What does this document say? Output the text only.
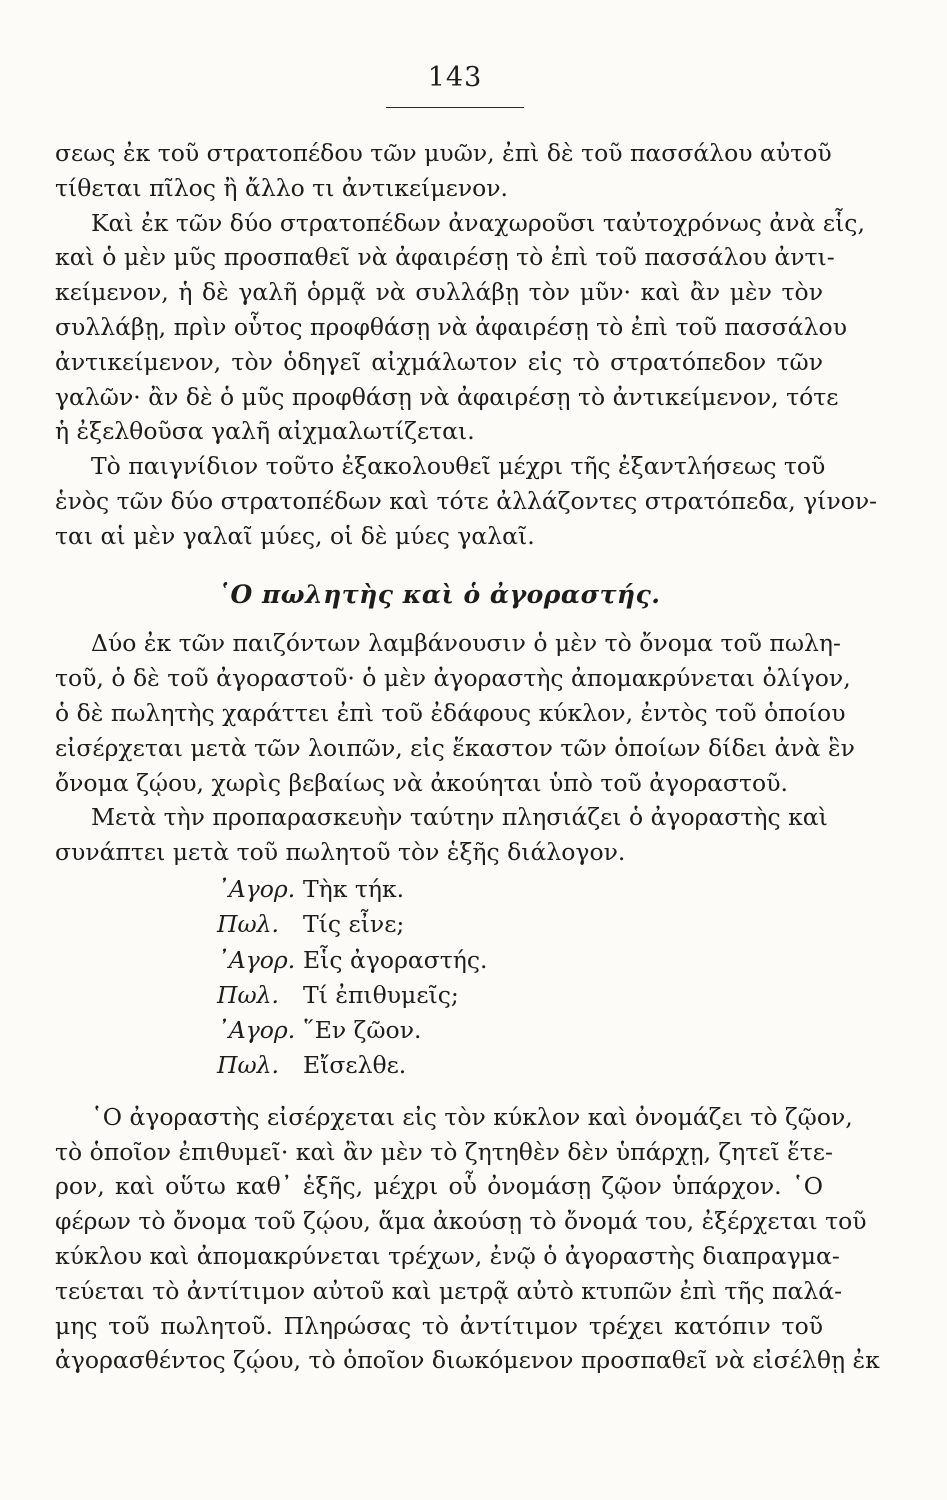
143
σεως ἐκ τοῦ στρατοπέδου τῶν μυῶν, ἐπὶ δὲ τοῦ πασσάλου αὐτοῦ
τίθεται πῖλος ἢ ἄλλο τι ἀντικείμενον.
Καὶ ἐκ τῶν δύο στρατοπέδων ἀναχωροῦσι ταὐτοχρόνως ἀνὰ εἷς,
καὶ ὁ μὲν μῦς προσπαθεῖ νὰ ἀφαιρέσῃ τὸ ἐπὶ τοῦ πασσάλου ἀντι-
κείμενον, ἡ δὲ γαλῆ ὁρμᾷ νὰ συλλάβῃ τὸν μῦν· καὶ ἂν μὲν τὸν
συλλάβῃ, πρὶν οὗτος προφθάσῃ νὰ ἀφαιρέσῃ τὸ ἐπὶ τοῦ πασσάλου
ἀντικείμενον, τὸν ὁδηγεῖ αἰχμάλωτον εἰς τὸ στρατόπεδον τῶν
γαλῶν· ἂν δὲ ὁ μῦς προφθάσῃ νὰ ἀφαιρέσῃ τὸ ἀντικείμενον, τότε
ἡ ἐξελθοῦσα γαλῆ αἰχμαλωτίζεται.
Τὸ παιγνίδιον τοῦτο ἐξακολουθεῖ μέχρι τῆς ἐξαντλήσεως τοῦ
ἑνὸς τῶν δύο στρατοπέδων καὶ τότε ἀλλάζοντες στρατόπεδα, γίνον-
ται αἱ μὲν γαλαῖ μύες, οἱ δὲ μύες γαλαῖ.
῾Ο πωλητὴς καὶ ὁ ἀγοραστής.
Δύο ἐκ τῶν παιζόντων λαμβάνουσιν ὁ μὲν τὸ ὄνομα τοῦ πωλη-
τοῦ, ὁ δὲ τοῦ ἀγοραστοῦ· ὁ μὲν ἀγοραστὴς ἀπομακρύνεται ὀλίγον,
ὁ δὲ πωλητὴς χαράττει ἐπὶ τοῦ ἐδάφους κύκλον, ἐντὸς τοῦ ὁποίου
εἰσέρχεται μετὰ τῶν λοιπῶν, εἰς ἕκαστον τῶν ὁποίων δίδει ἀνὰ ἓν
ὄνομα ζῴου, χωρὶς βεβαίως νὰ ἀκούηται ὑπὸ τοῦ ἀγοραστοῦ.
Μετὰ τὴν προπαρασκευὴν ταύτην πλησιάζει ὁ ἀγοραστὴς καὶ
συνάπτει μετὰ τοῦ πωλητοῦ τὸν ἑξῆς διάλογον.
᾿Αγορ. Τὴκ τήκ.
Πωλ.	Τίς εἶνε;
᾿Αγορ. Εἷς ἀγοραστής.
Πωλ.	Τί ἐπιθυμεῖς;
᾿Αγορ. ῞Εν ζῶον.
Πωλ.	Εἴσελθε.
῾Ο ἀγοραστὴς εἰσέρχεται εἰς τὸν κύκλον καὶ ὀνομάζει τὸ ζῷον,
τὸ ὁποῖον ἐπιθυμεῖ· καὶ ἂν μὲν τὸ ζητηθὲν δὲν ὑπάρχῃ, ζητεῖ ἕτε-
ρον, καὶ οὕτω καθ᾿ ἑξῆς, μέχρι οὗ ὀνομάσῃ ζῷον ὑπάρχον. ῾Ο
φέρων τὸ ὄνομα τοῦ ζῴου, ἅμα ἀκούσῃ τὸ ὄνομά του, ἐξέρχεται τοῦ
κύκλου καὶ ἀπομακρύνεται τρέχων, ἐνῷ ὁ ἀγοραστὴς διαπραγμα-
τεύεται τὸ ἀντίτιμον αὐτοῦ καὶ μετρᾷ αὐτὸ κτυπῶν ἐπὶ τῆς παλά-
μης τοῦ πωλητοῦ. Πληρώσας τὸ ἀντίτιμον τρέχει κατόπιν τοῦ
ἀγορασθέντος ζῴου, τὸ ὁποῖον διωκόμενον προσπαθεῖ νὰ εἰσέλθῃ ἐκ
